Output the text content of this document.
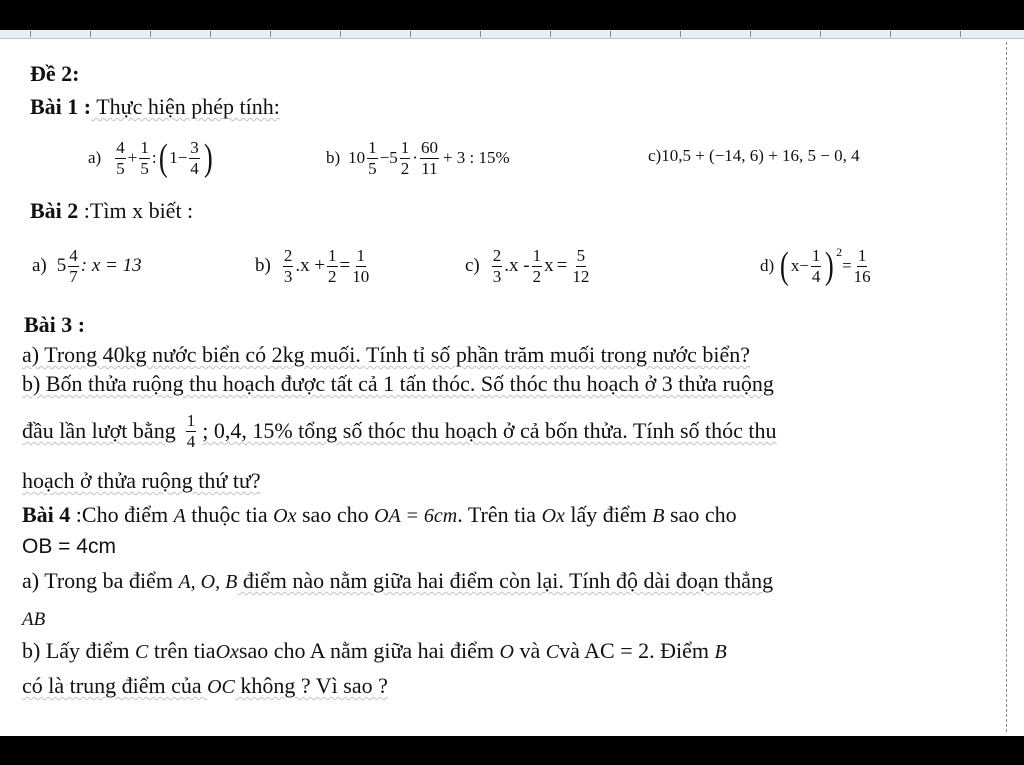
Đề 2:
Bài 1 : Thực hiện phép tính:
$a) \frac{4}{5} + \frac{1}{5}$ : ( $1 - \frac{3}{4}$ )	b) $10 \frac{1}{5} - 5 \frac{1}{2} \cdot \frac{60}{11} + 3$ : 15%	c)10,5 + (−14, 6) + 16, 5 − 0, 4
Bài 2 :Tìm x biết :
a) $5 \frac{4}{7}$ : x = 13	$b) \frac{2}{3} .x + \frac{1}{2} = \frac{1}{10}$	$c) \frac{2}{3} .x - \frac{1}{2}$ $x = \frac{5}{12}$	d) ( $x - \frac{1}{4}$ ) 2
= $\frac{1}{16}$
Bài 3 :
a) Trong 40kg nước biển có 2kg muối. Tính tỉ số phần trăm muối trong nước biển?
b) Bốn thửa ruộng thu hoạch được tất cả 1 tấn thóc. Số thóc thu hoạch ở 3 thửa ruộng
đầu lần lượt bằng $\frac{1}{4}$ ; 0,4, 15% tổng số thóc thu hoạch ở cả bốn thửa. Tính số thóc thu
hoạch ở thửa ruộng thứ tư?
Bài 4 :Cho điểm A thuộc tia Ox sao cho OA = 6cm. Trên tia Ox lấy điểm B sao cho
OB = 4cm
a) Trong ba điểm A, O, B điểm nào nằm giữa hai điểm còn lại. Tính độ dài đoạn thẳng
AB
b) Lấy điểm C trên tiaOxsao cho A nằm giữa hai điểm O và Cvà AC = 2. Điểm B
có là trung điểm của OC không ? Vì sao ?
